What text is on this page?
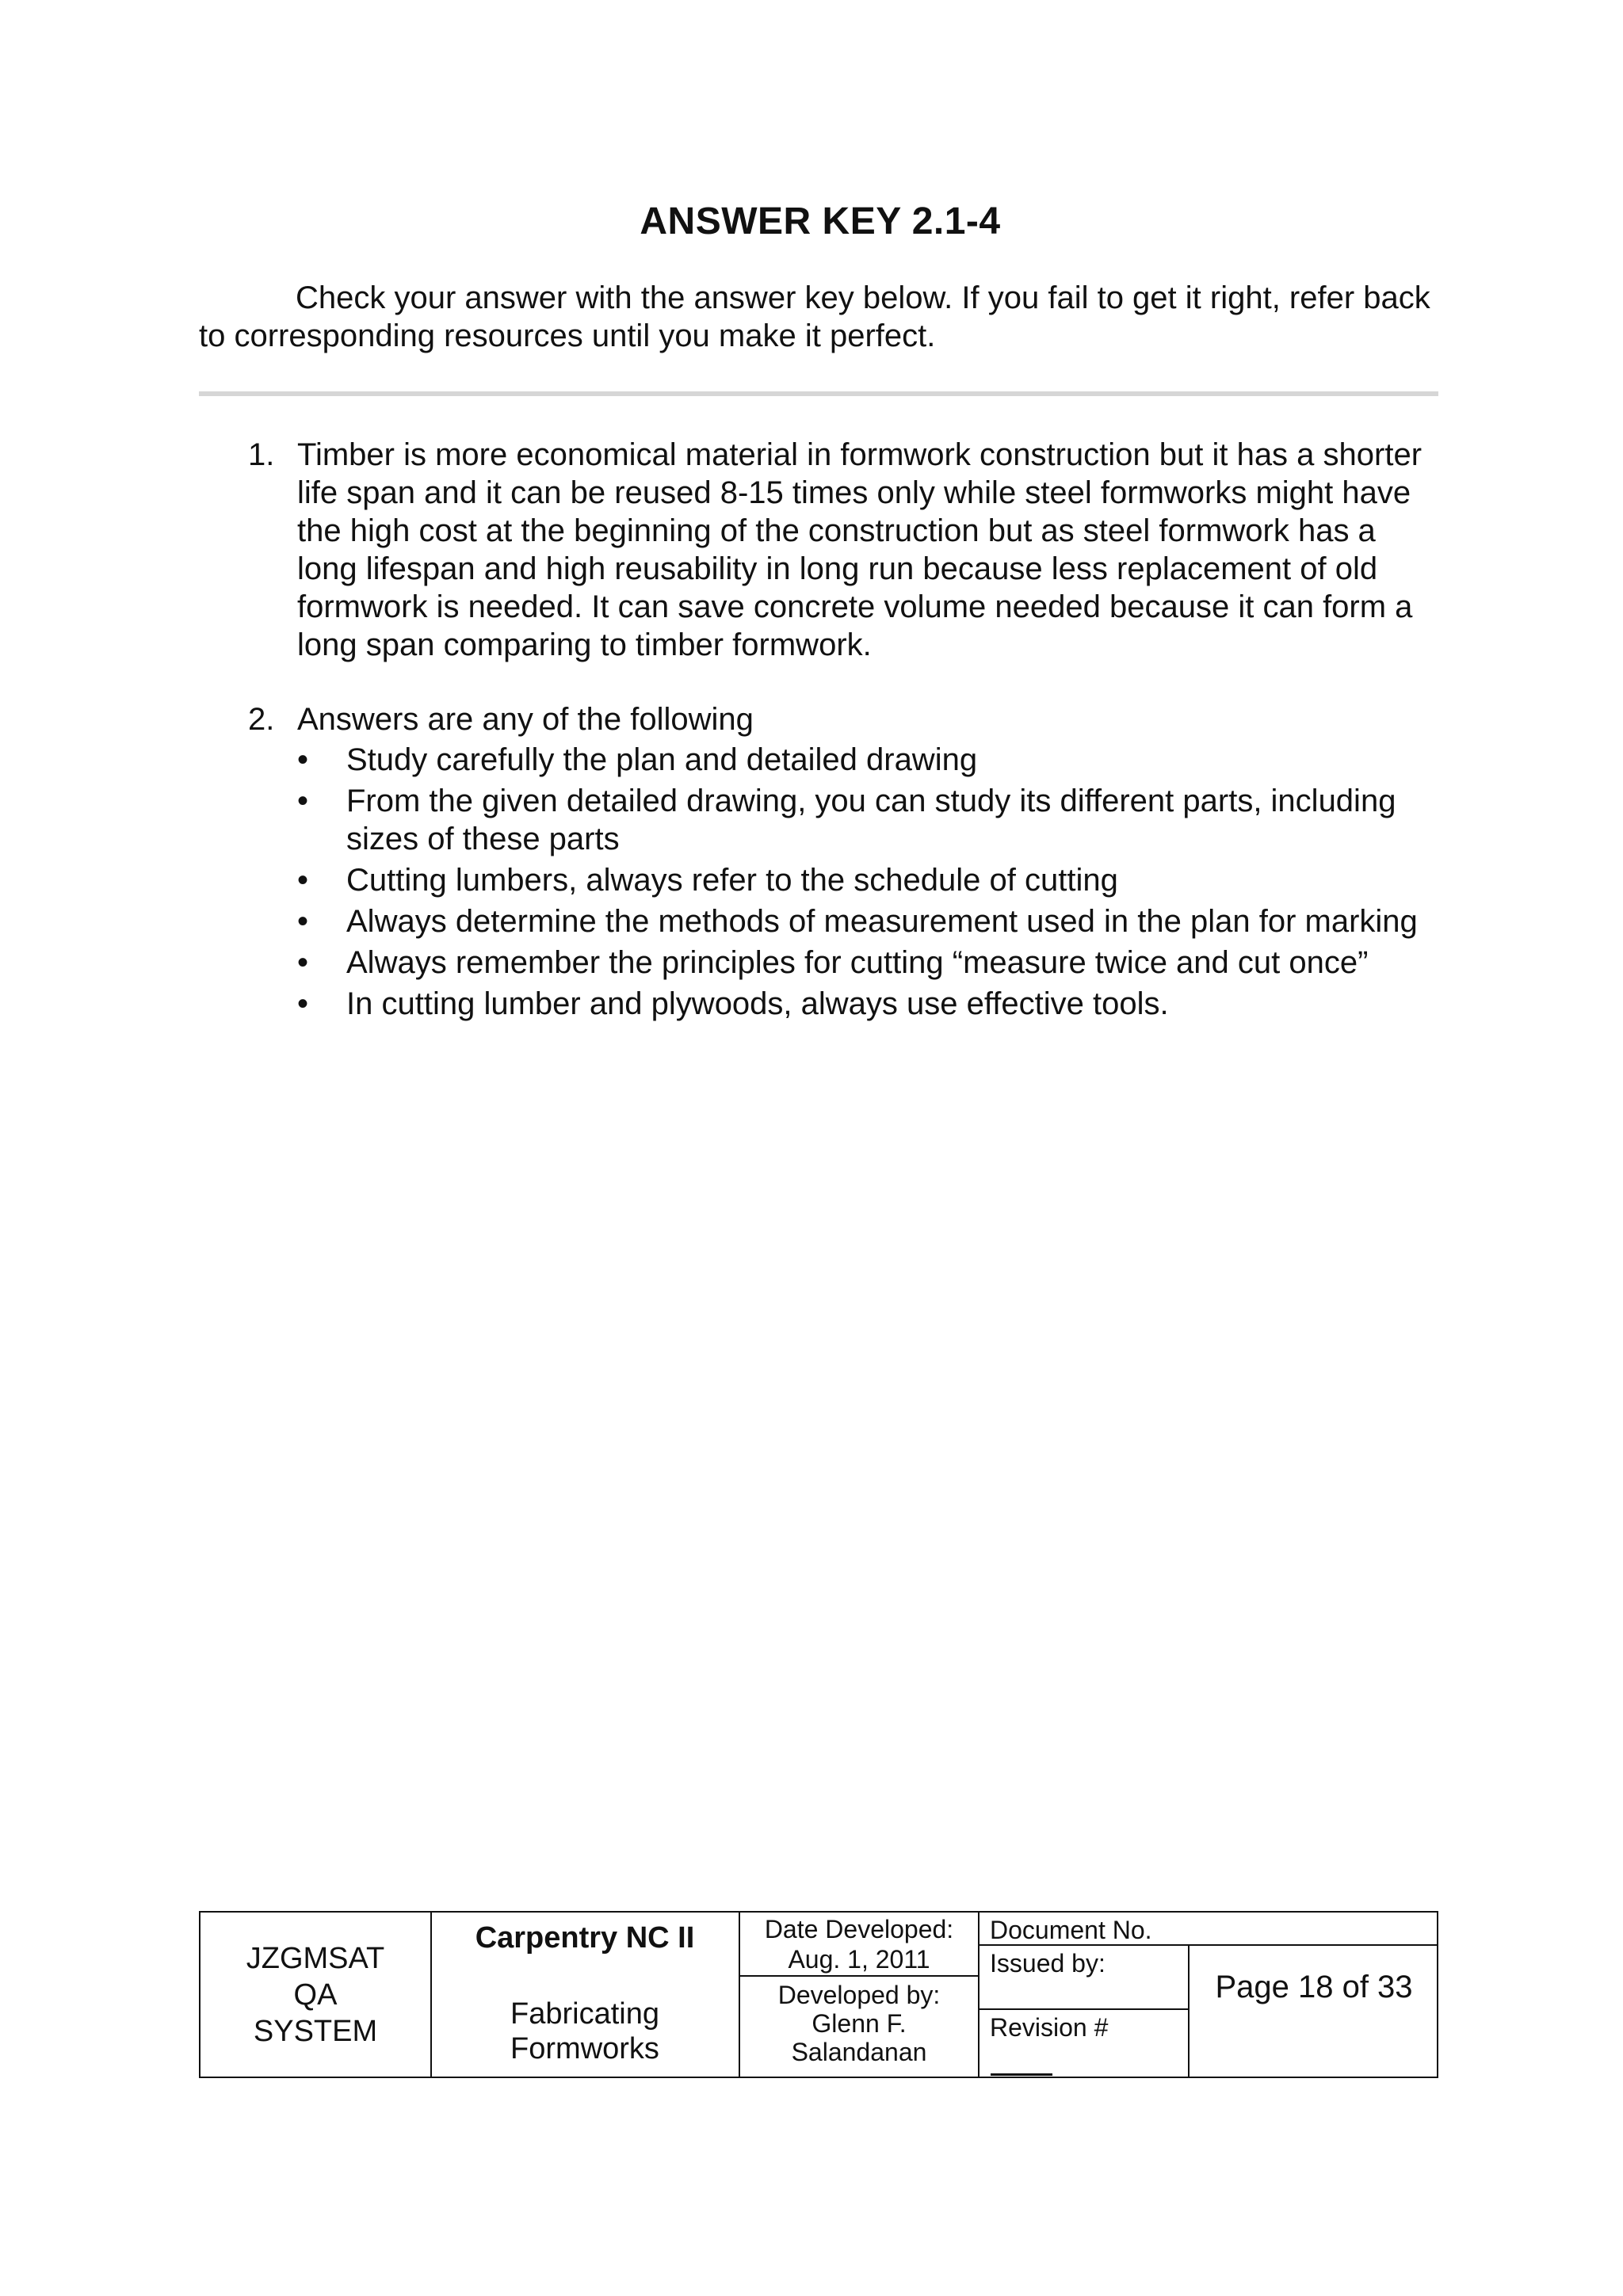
ANSWER KEY 2.1-4

Check your answer with the answer key below. If you fail to get it right, refer back to corresponding resources until you make it perfect.

1. Timber is more economical material in formwork construction but it has a shorter life span and it can be reused 8-15 times only while steel formworks might have the high cost at the beginning of the construction but as steel formwork has a long lifespan and high reusability in long run because less replacement of old formwork is needed. It can save concrete volume needed because it can form a long span comparing to timber formwork.
2. Answers are any of the following
• Study carefully the plan and detailed drawing
• From the given detailed drawing, you can study its different parts, including sizes of these parts
• Cutting lumbers, always refer to the schedule of cutting
• Always determine the methods of measurement used in the plan for marking
• Always remember the principles for cutting “measure twice and cut once”
• In cutting lumber and plywoods, always use effective tools.
JZGMSAT
QA
SYSTEM
Carpentry NC II
Fabricating
Formworks
Date Developed:
Aug. 1, 2011
Developed by:
Glenn F.
Salandanan
Document No.
Issued by:
Revision #
Page 18 of 33
